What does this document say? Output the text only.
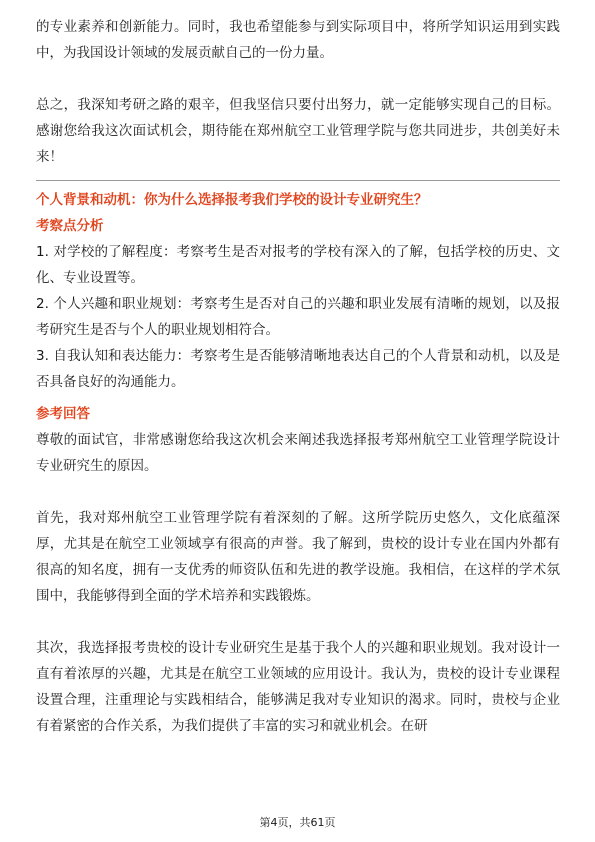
的专业素养和创新能力。同时，我也希望能参与到实际项目中，将所学知识运用到实践中，为我国设计领域的发展贡献自己的一份力量。

总之，我深知考研之路的艰辛，但我坚信只要付出努力，就一定能够实现自己的目标。感谢您给我这次面试机会，期待能在郑州航空工业管理学院与您共同进步，共创美好未来！

个人背景和动机：你为什么选择报考我们学校的设计专业研究生？

考察点分析

1. 对学校的了解程度：考察考生是否对报考的学校有深入的了解，包括学校的历史、文化、专业设置等。

2. 个人兴趣和职业规划：考察考生是否对自己的兴趣和职业发展有清晰的规划，以及报考研究生是否与个人的职业规划相符合。

3. 自我认知和表达能力：考察考生是否能够清晰地表达自己的个人背景和动机，以及是否具备良好的沟通能力。

参考回答

尊敬的面试官，非常感谢您给我这次机会来阐述我选择报考郑州航空工业管理学院设计专业研究生的原因。

首先，我对郑州航空工业管理学院有着深刻的了解。这所学院历史悠久，文化底蕴深厚，尤其是在航空工业领域享有很高的声誉。我了解到，贵校的设计专业在国内外都有很高的知名度，拥有一支优秀的师资队伍和先进的教学设施。我相信，在这样的学术氛围中，我能够得到全面的学术培养和实践锻炼。

其次，我选择报考贵校的设计专业研究生是基于我个人的兴趣和职业规划。我对设计一直有着浓厚的兴趣，尤其是在航空工业领域的应用设计。我认为，贵校的设计专业课程设置合理，注重理论与实践相结合，能够满足我对专业知识的渴求。同时，贵校与企业有着紧密的合作关系，为我们提供了丰富的实习和就业机会。在研

第4页，共61页
